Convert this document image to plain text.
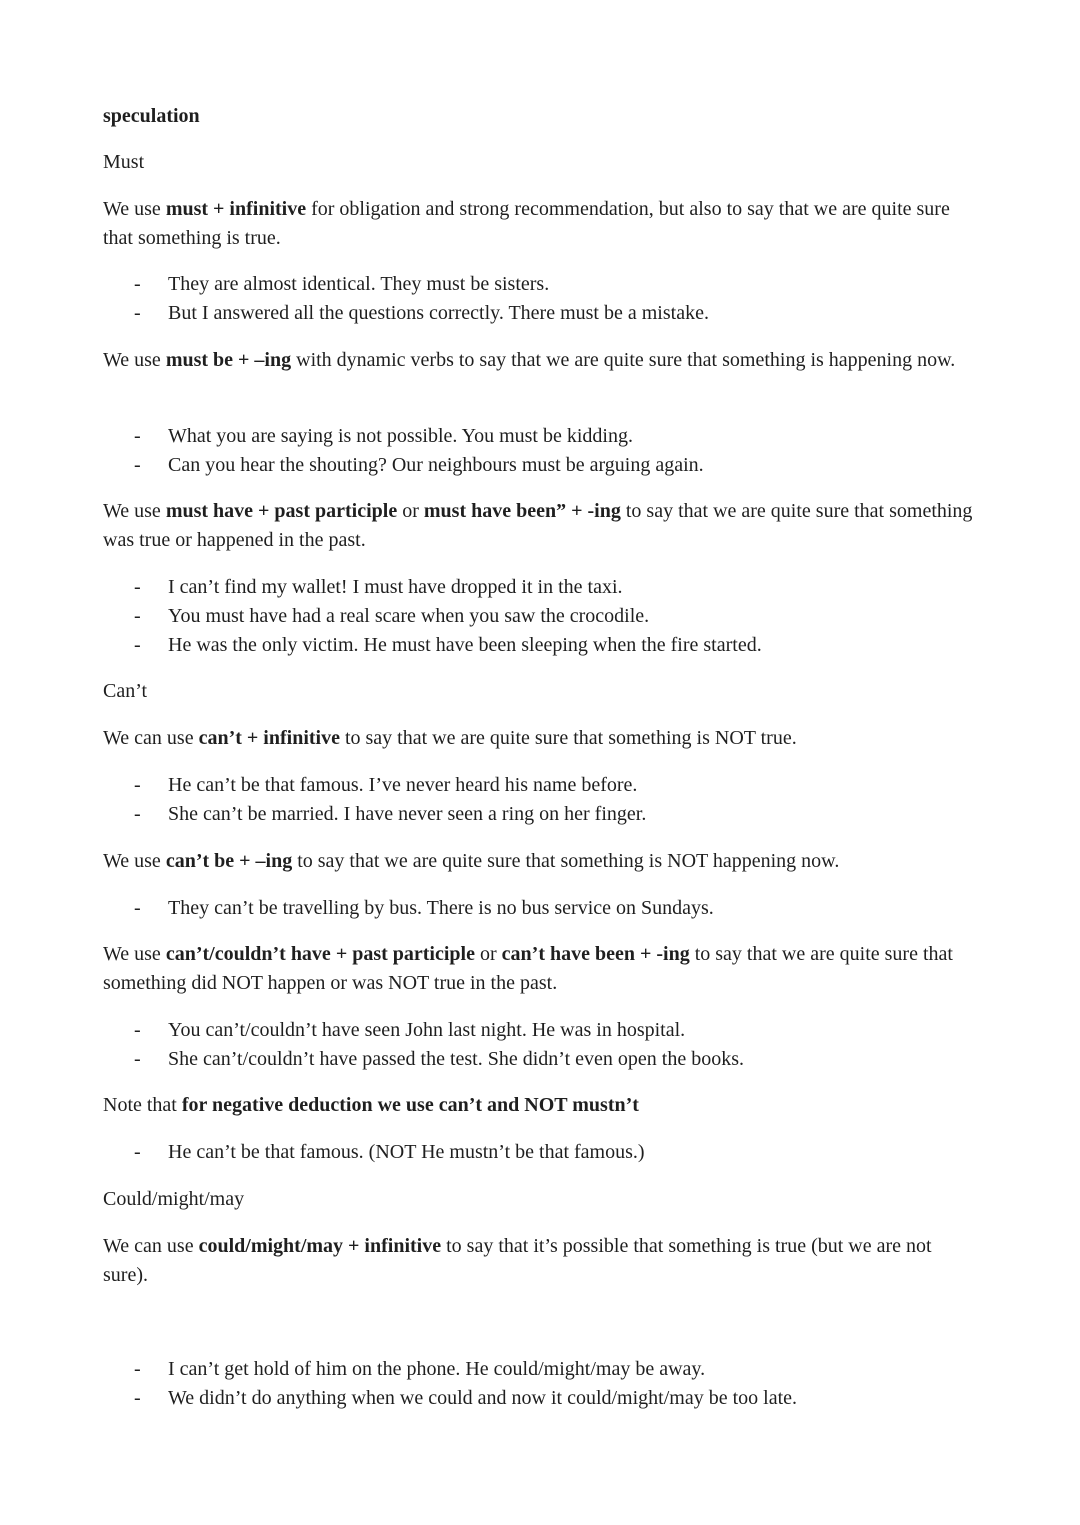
speculation
Must
We use must + infinitive for obligation and strong recommendation, but also to say that we are quite sure that something is true.
- They are almost identical. They must be sisters.
- But I answered all the questions correctly. There must be a mistake.
We use must be + –ing with dynamic verbs to say that we are quite sure that something is happening now.
- What you are saying is not possible. You must be kidding.
- Can you hear the shouting? Our neighbours must be arguing again.
We use must have + past participle or must have been” + -ing to say that we are quite sure that something was true or happened in the past.
- I can’t find my wallet! I must have dropped it in the taxi.
- You must have had a real scare when you saw the crocodile.
- He was the only victim. He must have been sleeping when the fire started.
Can’t
We can use can’t + infinitive to say that we are quite sure that something is NOT true.
- He can’t be that famous. I’ve never heard his name before.
- She can’t be married. I have never seen a ring on her finger.
We use can’t be + –ing to say that we are quite sure that something is NOT happening now.
- They can’t be travelling by bus. There is no bus service on Sundays.
We use can’t/couldn’t have + past participle or can’t have been + -ing to say that we are quite sure that something did NOT happen or was NOT true in the past.
- You can’t/couldn’t have seen John last night. He was in hospital.
- She can’t/couldn’t have passed the test. She didn’t even open the books.
Note that for negative deduction we use can’t and NOT mustn’t
- He can’t be that famous. (NOT He mustn’t be that famous.)
Could/might/may
We can use could/might/may + infinitive to say that it’s possible that something is true (but we are not sure).
- I can’t get hold of him on the phone. He could/might/may be away.
- We didn’t do anything when we could and now it could/might/may be too late.
